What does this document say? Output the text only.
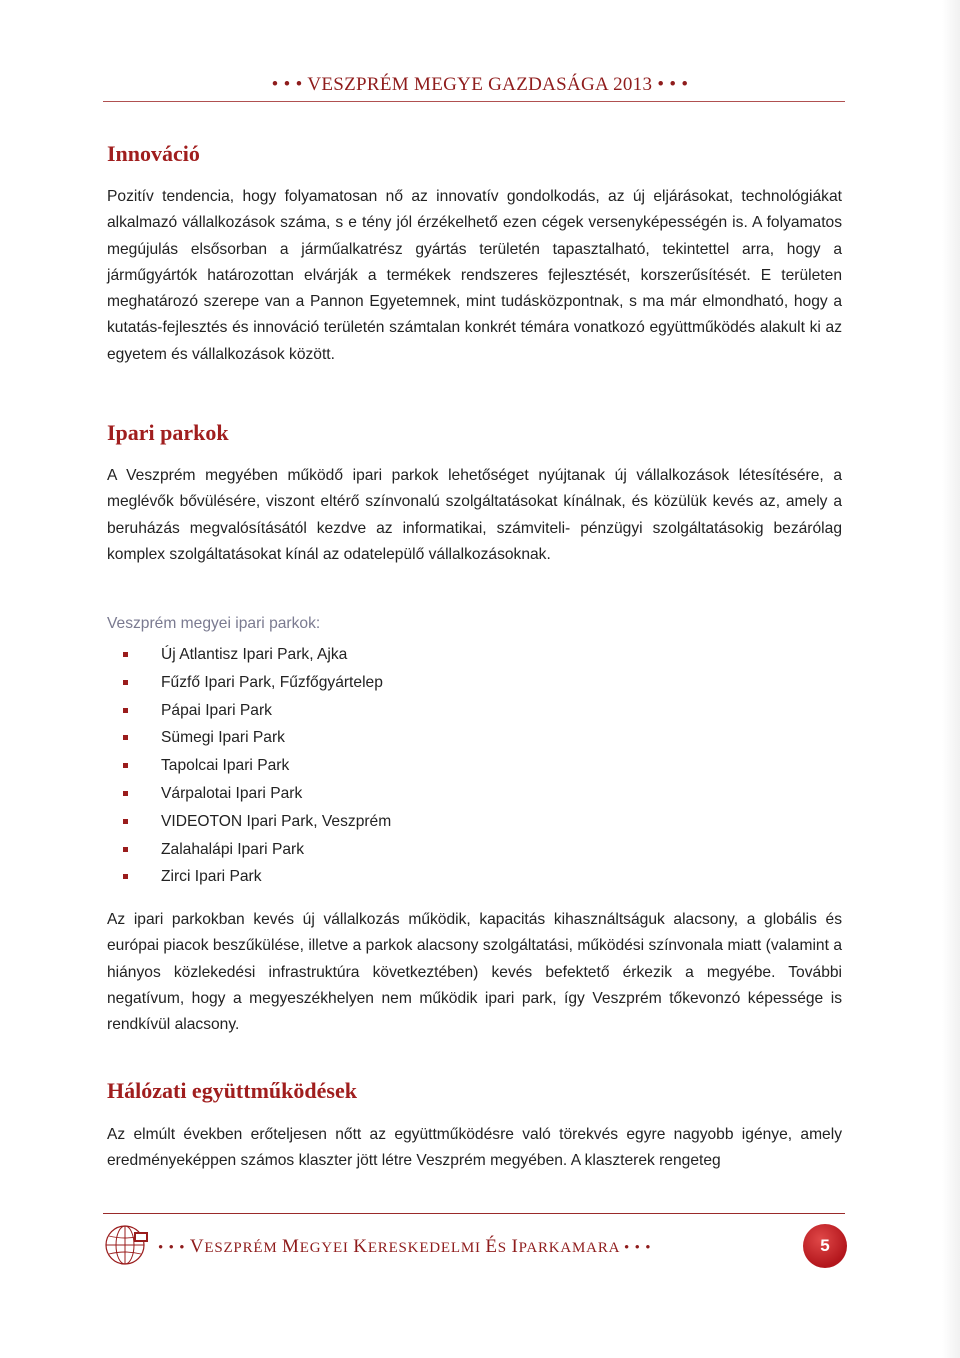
• • • VESZPRÉM MEGYE GAZDASÁGA 2013 • • •
Innováció

Pozitív tendencia, hogy folyamatosan nő az innovatív gondolkodás, az új eljárásokat, technológiákat alkalmazó vállalkozások száma, s e tény jól érzékelhető ezen cégek versenyképességén is. A folyamatos megújulás elsősorban a járműalkatrész gyártás területén tapasztalható, tekintettel arra, hogy a járműgyártók határozottan elvárják a termékek rendszeres fejlesztését, korszerűsítését. E területen meghatározó szerepe van a Pannon Egyetemnek, mint tudásközpontnak, s ma már elmondható, hogy a kutatás-fejlesztés és innováció területén számtalan konkrét témára vonatkozó együttműködés alakult ki az egyetem és vállalkozások között.

Ipari parkok

A Veszprém megyében működő ipari parkok lehetőséget nyújtanak új vállalkozások létesítésére, a meglévők bővülésére, viszont eltérő színvonalú szolgáltatásokat kínálnak, és közülük kevés az, amely a beruházás megvalósításától kezdve az informatikai, számviteli- pénzügyi szolgáltatásokig bezárólag komplex szolgáltatásokat kínál az odatelepülő vállalkozásoknak.

Veszprém megyei ipari parkok:

Új Atlantisz Ipari Park, Ajka
Fűzfő Ipari Park, Fűzfőgyártelep
Pápai Ipari Park
Sümegi Ipari Park
Tapolcai Ipari Park
Várpalotai Ipari Park
VIDEOTON Ipari Park, Veszprém
Zalahalápi Ipari Park
Zirci Ipari Park

Az ipari parkokban kevés új vállalkozás működik, kapacitás kihasználtságuk alacsony, a globális és európai piacok beszűkülése, illetve a parkok alacsony szolgáltatási, működési színvonala miatt (valamint a hiányos közlekedési infrastruktúra következtében) kevés befektető érkezik a megyébe. További negatívum, hogy a megyeszékhelyen nem működik ipari park, így Veszprém tőkevonzó képessége is rendkívül alacsony.

Hálózati együttműködések

Az elmúlt években erőteljesen nőtt az együttműködésre való törekvés egyre nagyobb igénye, amely eredményeképpen számos klaszter jött létre Veszprém megyében. A klaszterek rengeteg

• • • VESZPRÉM MEGYEI KERESKEDELMI ÉS IPARKAMARA • • •	5
